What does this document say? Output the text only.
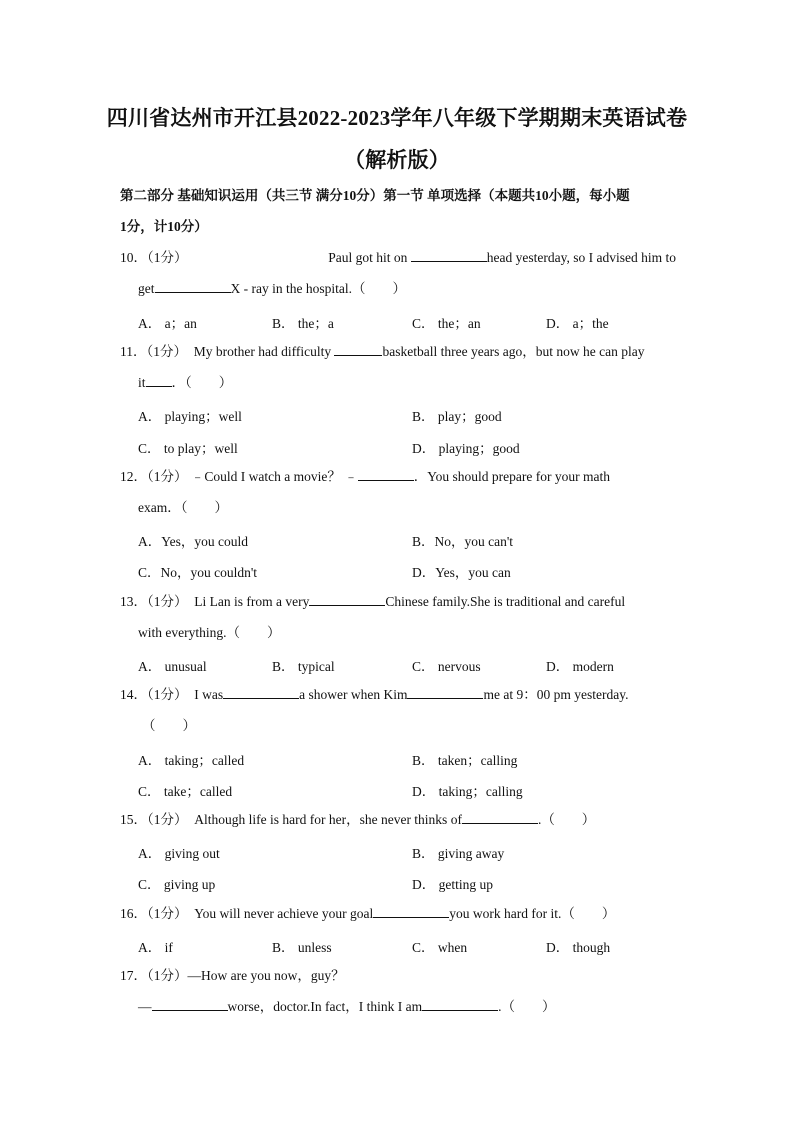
四川省达州市开江县2022-2023学年八年级下学期期末英语试卷
（解析版）
第二部分 基础知识运用（共三节 满分10分）第一节 单项选择（本题共10小题，每小题
1分，计10分）
10．（1分）	Paul got hit on	head yesterday, so I advised him to
get	X - ray in the hospital.（　　）
A． a；an	B． the；a	C． the；an	D． a；the
11．（1分） My brother had difficulty	basketball three years ago，but now he can play
it ．（　　）
A． playing；well	B． play；good
C． to play；well	D． playing；good
12．（1分） ﹣Could I watch a movie？ ﹣	．You should prepare for your math
exam．（　　）
A．Yes，you could	B．No，you can't
C．No，you couldn't	D．Yes，you can
13．（1分） Li Lan is from a very	Chinese family.She is traditional and careful
with everything.（　　）
A． unusual	B． typical	C． nervous	D． modern
14．（1分） I was	a shower when Kim	me at 9：00 pm yesterday.
（　　）
A． taking；called	B． taken；calling
C． take；called	D． taking；calling
15．（1分） Although life is hard for her，she never thinks of	.（　　）
A． giving out	B． giving away
C． giving up	D． getting up
16．（1分） You will never achieve your goal	you work hard for it.（　　）
A． if	B． unless	C． when	D． though
17．（1分）—How are you now，guy？
—	worse，doctor.In fact，I think I am	.（　　）
